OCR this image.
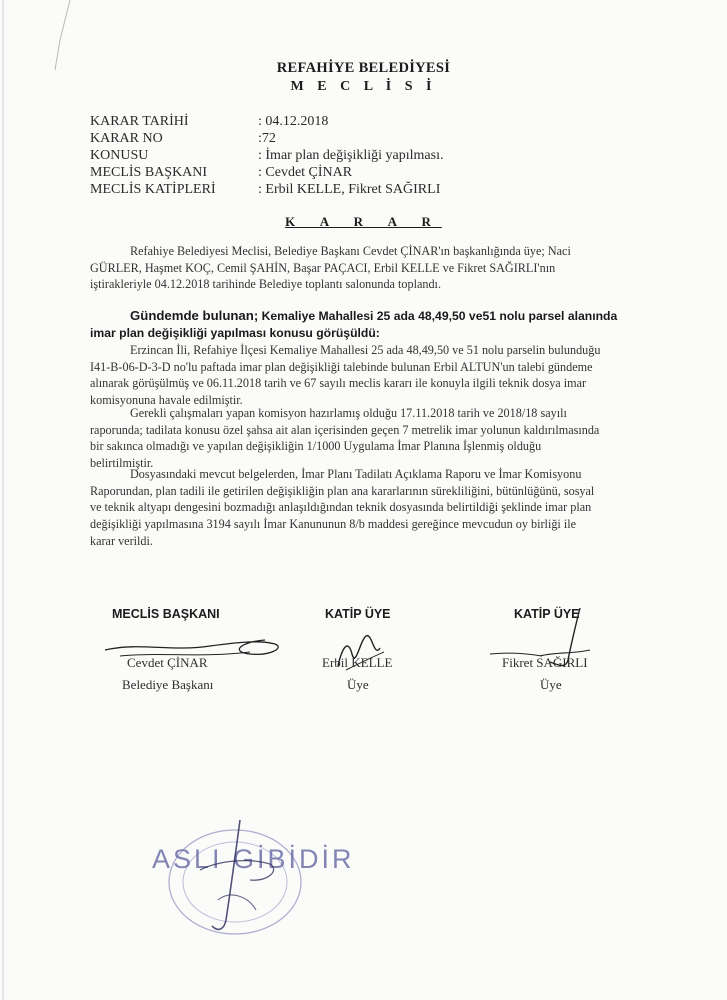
REFAHİYE BELEDİYESİ
M E C L İ S İ
KARAR TARİHİ	: 04.12.2018
KARAR NO	:72
KONUSU	: İmar plan değişikliği yapılması.
MECLİS BAŞKANI	: Cevdet ÇİNAR
MECLİS KATİPLERİ	: Erbil KELLE, Fikret SAĞIRLI
K A R A R
Refahiye Belediyesi Meclisi, Belediye Başkanı Cevdet ÇİNAR'ın başkanlığında üye; Naci
GÜRLER, Haşmet KOÇ, Cemil ŞAHİN, Başar PAÇACI, Erbil KELLE ve Fikret SAĞIRLI'nın
iştirakleriyle 04.12.2018 tarihinde Belediye toplantı salonunda toplandı.
Gündemde bulunan; Kemaliye Mahallesi 25 ada 48,49,50 ve51 nolu parsel alanında imar plan değişikliği yapılması konusu görüşüldü:
Erzincan İli, Refahiye İlçesi Kemaliye Mahallesi 25 ada 48,49,50 ve 51 nolu parselin bulunduğu
I41-B-06-D-3-D no'lu paftada imar plan değişikliği talebinde bulunan Erbil ALTUN'un talebi gündeme
alınarak görüşülmüş ve 06.11.2018 tarih ve 67 sayılı meclis kararı ile konuyla ilgili teknik dosya imar
komisyonuna havale edilmiştir.
Gerekli çalışmaları yapan komisyon hazırlamış olduğu 17.11.2018 tarih ve 2018/18 sayılı
raporunda; tadilata konusu özel şahsa ait alan içerisinden geçen 7 metrelik imar yolunun kaldırılmasında
bir sakınca olmadığı ve yapılan değişikliğin 1/1000 Uygulama İmar Planına İşlenmiş olduğu
belirtilmiştir.
Dosyasındaki mevcut belgelerden, İmar Planı Tadilatı Açıklama Raporu ve İmar Komisyonu
Raporundan, plan tadili ile getirilen değişikliğin plan ana kararlarının sürekliliğini, bütünlüğünü, sosyal
ve teknik altyapı dengesini bozmadığı anlaşıldığından teknik dosyasında belirtildiği şeklinde imar plan
değişikliği yapılmasına 3194 sayılı İmar Kanununun 8/b maddesi gereğince mevcudun oy birliği ile
karar verildi.
MECLİS BAŞKANI
Cevdet ÇİNAR
Belediye Başkanı
KATİP ÜYE
Erbil KELLE
Üye
KATİP ÜYE
Fikret SAĞIRLI
Üye
ASLI GİBİDİR
